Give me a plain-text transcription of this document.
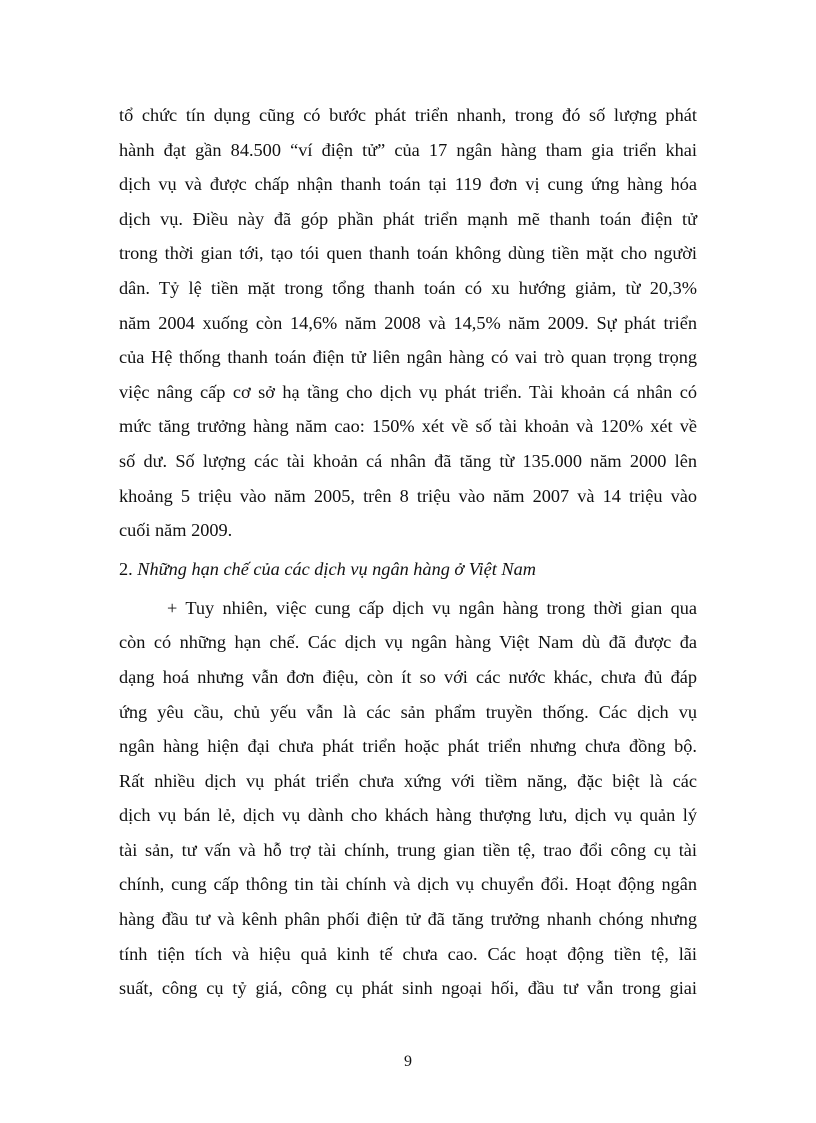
tổ chức tín dụng cũng có bước phát triển nhanh, trong đó số lượng phát
hành đạt gần 84.500 “ví điện tử” của 17 ngân hàng tham gia triển khai
dịch vụ và được chấp nhận thanh toán tại 119 đơn vị cung ứng hàng hóa
dịch vụ. Điều này đã góp phần phát triển mạnh mẽ thanh toán điện tử
trong thời gian tới, tạo tói quen thanh toán không dùng tiền mặt cho người
dân. Tỷ lệ tiền mặt trong tổng thanh toán có xu hướng giảm, từ 20,3%
năm 2004 xuống còn 14,6% năm 2008 và 14,5% năm 2009. Sự phát triển
của Hệ thống thanh toán điện tử liên ngân hàng có vai trò quan trọng trọng
việc nâng cấp cơ sở hạ tầng cho dịch vụ phát triển. Tài khoản cá nhân có
mức tăng trưởng hàng năm cao: 150% xét về số tài khoản và 120% xét về
số dư. Số lượng các tài khoản cá nhân đã tăng từ 135.000 năm 2000 lên
khoảng 5 triệu vào năm 2005, trên 8 triệu vào năm 2007 và 14 triệu vào
cuối năm 2009.
2. Những hạn chế của các dịch vụ ngân hàng ở Việt Nam
+ Tuy nhiên, việc cung cấp dịch vụ ngân hàng trong thời gian qua
còn có những hạn chế. Các dịch vụ ngân hàng Việt Nam dù đã được đa
dạng hoá nhưng vẫn đơn điệu, còn ít so với các nước khác, chưa đủ đáp
ứng yêu cầu, chủ yếu vẫn là các sản phẩm truyền thống. Các dịch vụ
ngân hàng hiện đại chưa phát triển hoặc phát triển nhưng chưa đồng bộ.
Rất nhiều dịch vụ phát triển chưa xứng với tiềm năng, đặc biệt là các
dịch vụ bán lẻ, dịch vụ dành cho khách hàng thượng lưu, dịch vụ quản lý
tài sản, tư vấn và hỗ trợ tài chính, trung gian tiền tệ, trao đổi công cụ tài
chính, cung cấp thông tin tài chính và dịch vụ chuyển đổi. Hoạt động ngân
hàng đầu tư và kênh phân phối điện tử đã tăng trưởng nhanh chóng nhưng
tính tiện tích và hiệu quả kinh tế chưa cao. Các hoạt động tiền tệ, lãi
suất, công cụ tỷ giá, công cụ phát sinh ngoại hối, đầu tư vẫn trong giai
9
